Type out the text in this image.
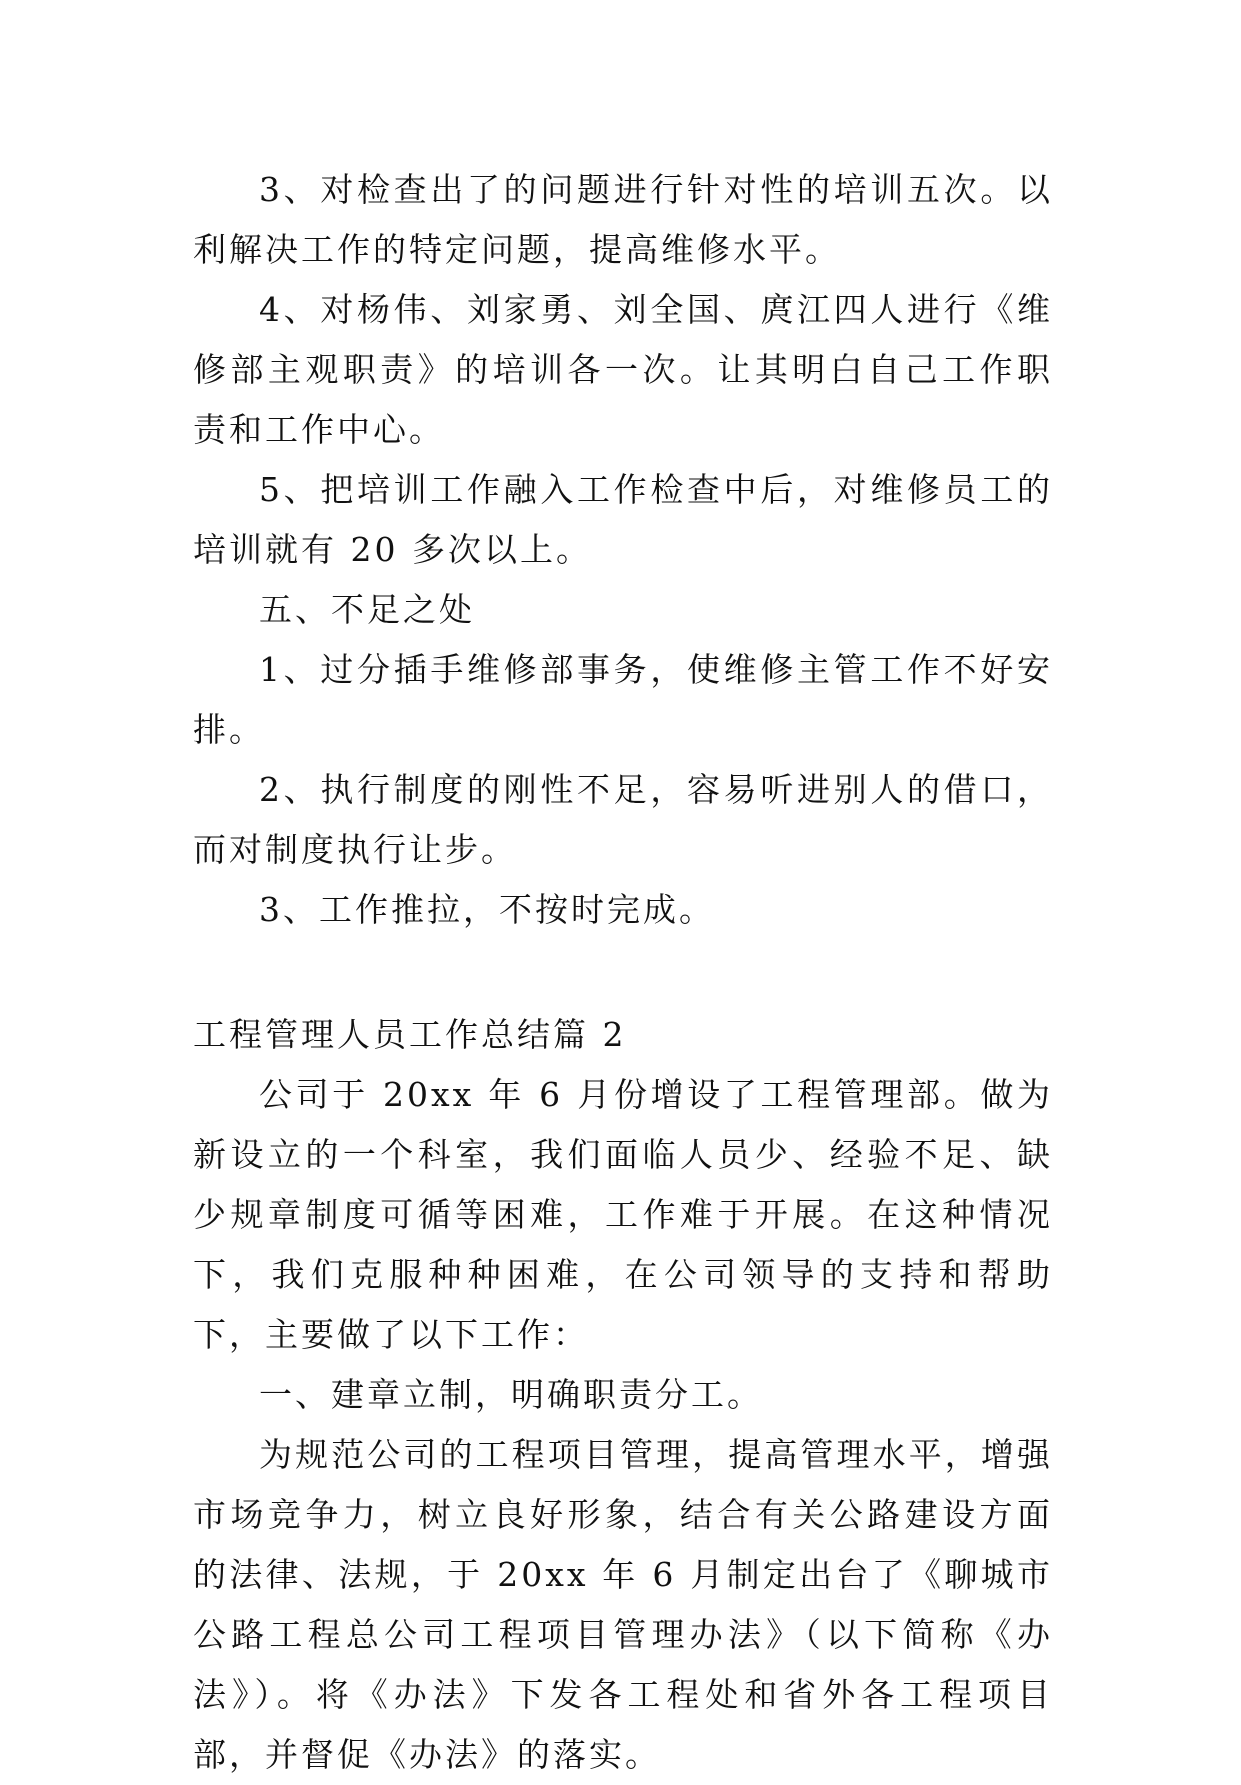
3、对检查出了的问题进行针对性的培训五次。以利解决工作的特定问题，提高维修水平。

4、对杨伟、刘家勇、刘全国、庹江四人进行《维修部主观职责》的培训各一次。让其明白自己工作职责和工作中心。

5、把培训工作融入工作检查中后，对维修员工的培训就有 20 多次以上。

五、不足之处

1、过分插手维修部事务，使维修主管工作不好安排。

2、执行制度的刚性不足，容易听进别人的借口，而对制度执行让步。

3、工作推拉，不按时完成。

工程管理人员工作总结篇 2

公司于 20xx 年 6 月份增设了工程管理部。做为新设立的一个科室，我们面临人员少、经验不足、缺少规章制度可循等困难，工作难于开展。在这种情况下，我们克服种种困难，在公司领导的支持和帮助下，主要做了以下工作：

一、建章立制，明确职责分工。

为规范公司的工程项目管理，提高管理水平，增强市场竞争力，树立良好形象，结合有关公路建设方面的法律、法规，于 20xx 年 6 月制定出台了《聊城市公路工程总公司工程项目管理办法》（以下简称《办法》）。将《办法》下发各工程处和省外各工程项目部，并督促《办法》的落实。
